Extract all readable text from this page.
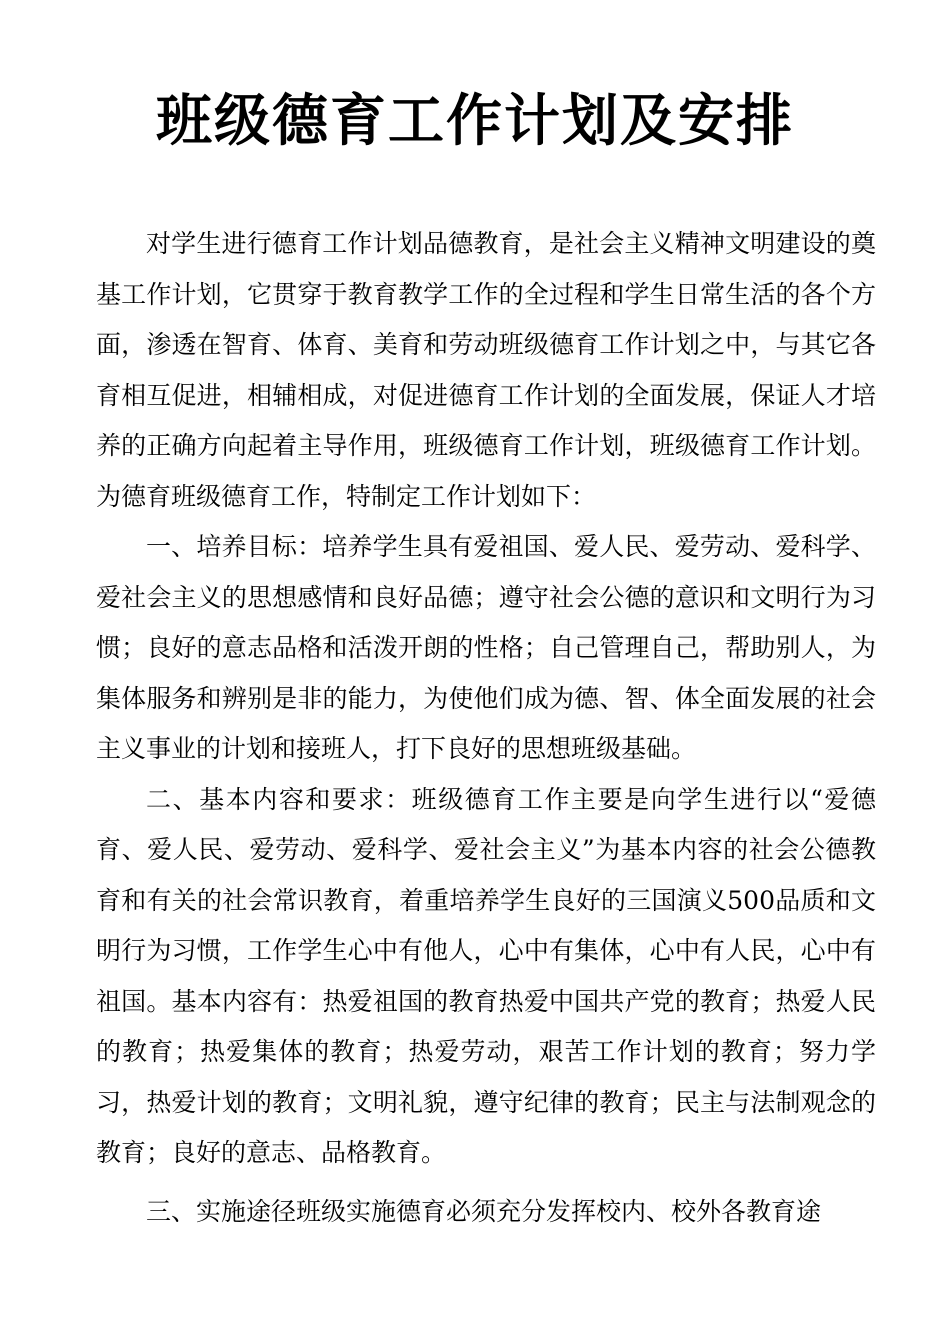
班级德育工作计划及安排

对学生进行德育工作计划品德教育，是社会主义精神文明建设的奠基工作计划，它贯穿于教育教学工作的全过程和学生日常生活的各个方面，渗透在智育、体育、美育和劳动班级德育工作计划之中，与其它各育相互促进，相辅相成，对促进德育工作计划的全面发展，保证人才培养的正确方向起着主导作用，班级德育工作计划，班级德育工作计划。为德育班级德育工作，特制定工作计划如下：

一、培养目标：培养学生具有爱祖国、爱人民、爱劳动、爱科学、爱社会主义的思想感情和良好品德；遵守社会公德的意识和文明行为习惯；良好的意志品格和活泼开朗的性格；自己管理自己，帮助别人，为集体服务和辨别是非的能力，为使他们成为德、智、体全面发展的社会主义事业的计划和接班人，打下良好的思想班级基础。

二、基本内容和要求：班级德育工作主要是向学生进行以“爱德育、爱人民、爱劳动、爱科学、爱社会主义”为基本内容的社会公德教育和有关的社会常识教育，着重培养学生良好的三国演义500品质和文明行为习惯，工作学生心中有他人，心中有集体，心中有人民，心中有祖国。基本内容有：热爱祖国的教育热爱中国共产党的教育；热爱人民的教育；热爱集体的教育；热爱劳动，艰苦工作计划的教育；努力学习，热爱计划的教育；文明礼貌，遵守纪律的教育；民主与法制观念的教育；良好的意志、品格教育。

三、实施途径班级实施德育必须充分发挥校内、校外各教育途
